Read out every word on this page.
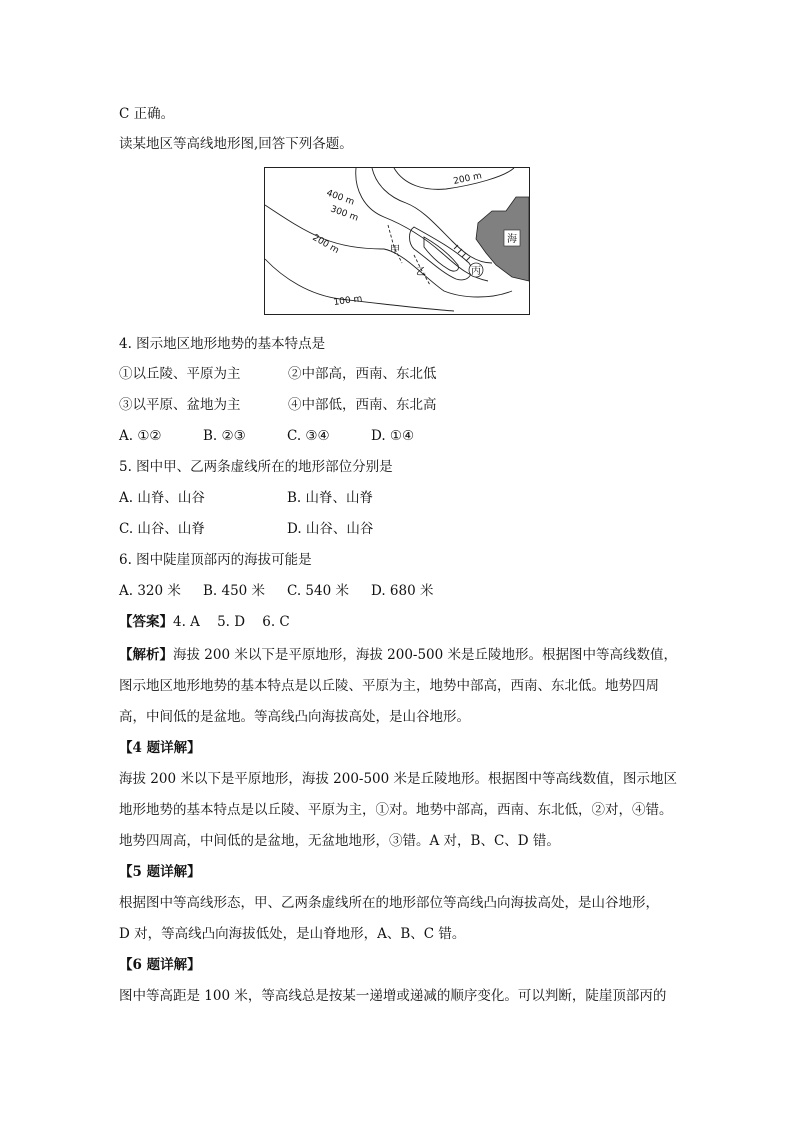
C 正确。
读某地区等高线地形图,回答下列各题。
200 m
400 m
300 m
200 m
100 m
甲
乙	丙
海
4. 图示地区地形地势的基本特点是
①以丘陵、平原为主	②中部高，西南、东北低
③以平原、盆地为主	④中部低，西南、东北高
A. ①②	B. ②③	C. ③④	D. ①④
5. 图中甲、乙两条虚线所在的地形部位分别是
A. 山脊、山谷	B. 山脊、山脊
C. 山谷、山脊	D. 山谷、山谷
6. 图中陡崖顶部丙的海拔可能是
A. 320 米 B. 450 米 C. 540 米 D. 680 米
【答案】4. A    5. D    6. C
【解析】海拔 200 米以下是平原地形，海拔 200-500 米是丘陵地形。根据图中等高线数值，
图示地区地形地势的基本特点是以丘陵、平原为主，地势中部高，西南、东北低。地势四周
高，中间低的是盆地。等高线凸向海拔高处，是山谷地形。
【4 题详解】
海拔 200 米以下是平原地形，海拔 200-500 米是丘陵地形。根据图中等高线数值，图示地区
地形地势的基本特点是以丘陵、平原为主，①对。地势中部高，西南、东北低，②对，④错。
地势四周高，中间低的是盆地，无盆地地形，③错。A 对，B、C、D 错。
【5 题详解】
根据图中等高线形态，甲、乙两条虚线所在的地形部位等高线凸向海拔高处，是山谷地形，
D 对，等高线凸向海拔低处，是山脊地形，A、B、C 错。
【6 题详解】
图中等高距是 100 米，等高线总是按某一递增或递减的顺序变化。可以判断，陡崖顶部丙的
